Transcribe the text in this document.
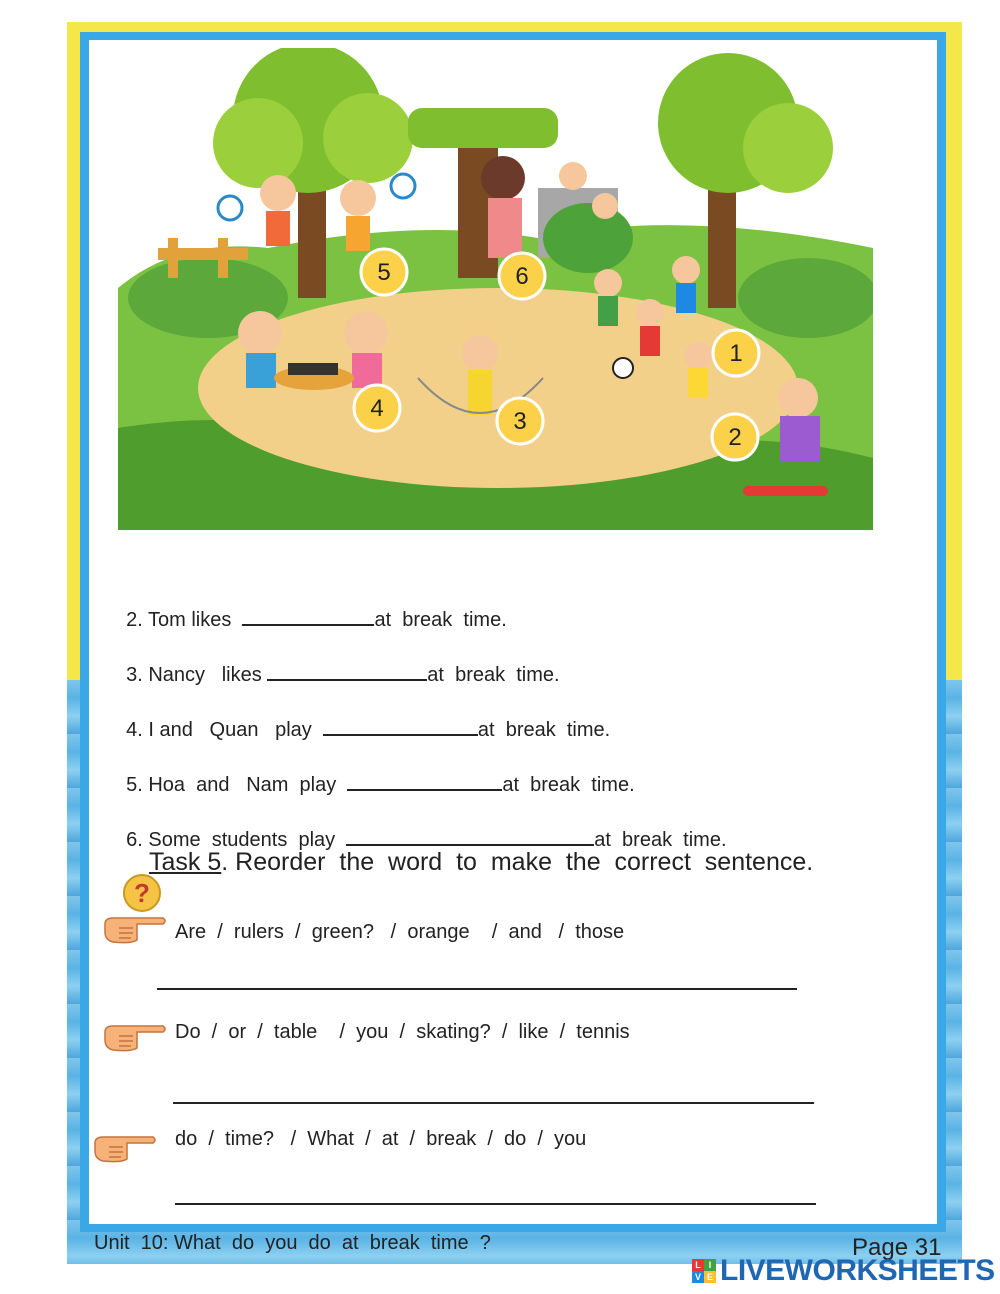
5	6
1
4	3
2

2. Tom likes	at  break  time.

3. Nancy   likes	at  break  time.

4. I and   Quan   play	at  break  time.

5. Hoa  and   Nam  play	at  break  time.

6. Some  students  play	at  break  time.

?

Task 5. Reorder  the  word  to  make  the  correct  sentence.

Are  /  rulers  /  green?   /  orange    /  and   /  those
Do  /  or  /  table    /  you  /  skating?  /  like  /  tennis
do  /  time?   /  What  /  at  /  break  /  do  /  you
Unit  10: What  do  you  do  at  break  time  ?	Page 31
L I
V E LIVEWORKSHEETS
